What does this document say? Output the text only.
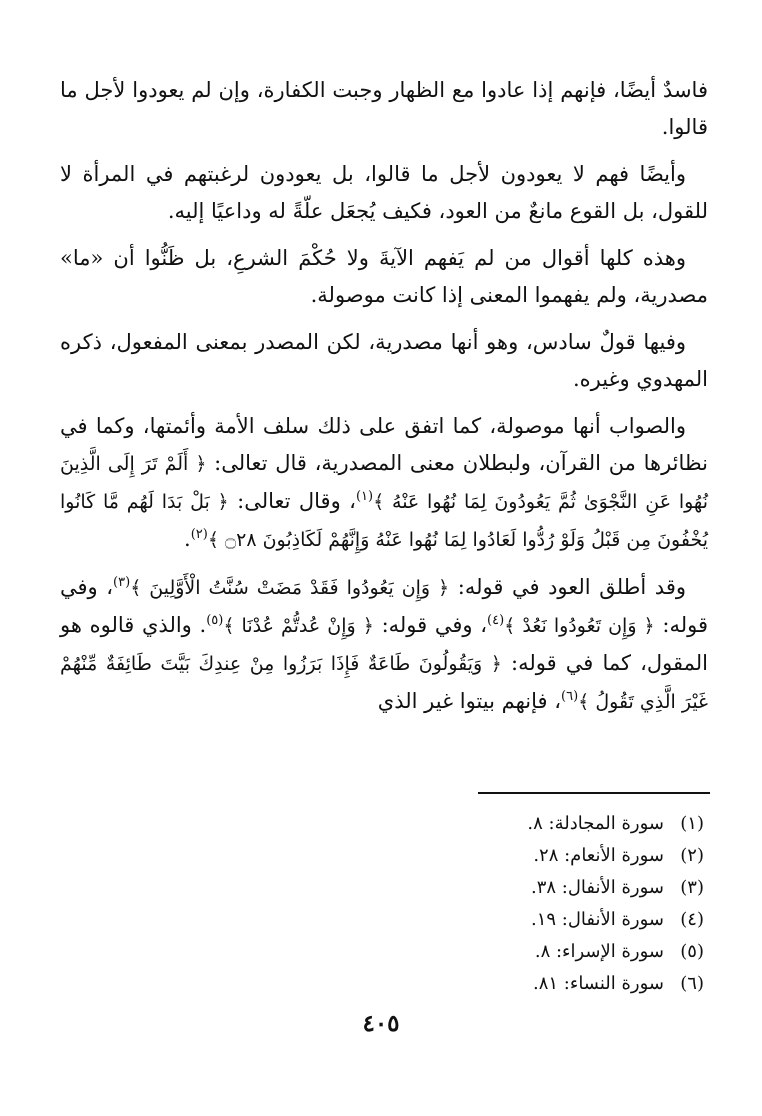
فاسدٌ أيضًا، فإنهم إذا عادوا مع الظهار وجبت الكفارة، وإن لم يعودوا لأجل ما قالوا.

وأيضًا فهم لا يعودون لأجل ما قالوا، بل يعودون لرغبتهم في المرأة لا للقول، بل القوع مانعٌ من العود، فكيف يُجعَل علّةً له وداعيًا إليه.

وهذه كلها أقوال من لم يَفهم الآيةَ ولا حُكْمَ الشرعِ، بل ظَنُّوا أن «ما» مصدرية، ولم يفهموا المعنى إذا كانت موصولة.

وفيها قولٌ سادس، وهو أنها مصدرية، لكن المصدر بمعنى المفعول، ذكره المهدوي وغيره.

والصواب أنها موصولة، كما اتفق على ذلك سلف الأمة وأئمتها، وكما في نظائرها من القرآن، ولبطلان معنى المصدرية، قال تعالى: ﴿ أَلَمْ تَرَ إِلَى الَّذِينَ نُهُوا عَنِ النَّجْوَىٰ ثُمَّ يَعُودُونَ لِمَا نُهُوا عَنْهُ ﴾$^{(١)}$، وقال تعالى: ﴿ بَلْ بَدَا لَهُم مَّا كَانُوا يُخْفُونَ مِن قَبْلُ وَلَوْ رُدُّوا لَعَادُوا لِمَا نُهُوا عَنْهُ وَإِنَّهُمْ لَكَاذِبُونَ ۝٢٨ ﴾$^{(٢)}$.

وقد أطلق العود في قوله: ﴿ وَإِن يَعُودُوا فَقَدْ مَضَتْ سُنَّتُ الْأَوَّلِينَ ﴾$^{(٣)}$، وفي قوله: ﴿ وَإِن تَعُودُوا نَعُدْ ﴾$^{(٤)}$، وفي قوله: ﴿ وَإِنْ عُدتُّمْ عُدْنَا ﴾$^{(٥)}$. والذي قالوه هو المقول، كما في قوله: ﴿ وَيَقُولُونَ طَاعَةٌ فَإِذَا بَرَزُوا مِنْ عِندِكَ بَيَّتَ طَائِفَةٌ مِّنْهُمْ غَيْرَ الَّذِي تَقُولُ ﴾$^{(٦)}$، فإنهم بيتوا غير الذي

(١)
سورة المجادلة: ٨.
(٢)
سورة الأنعام: ٢٨.
(٣)
سورة الأنفال: ٣٨.
(٤)
سورة الأنفال: ١٩.
(٥)
سورة الإسراء: ٨.
(٦)
سورة النساء: ٨١.
٤٠٥
